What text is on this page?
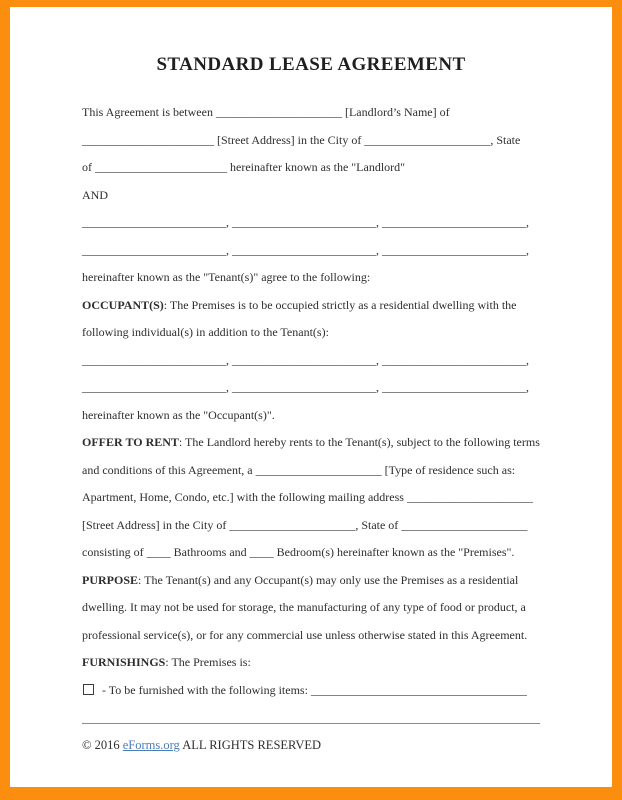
STANDARD LEASE AGREEMENT
This Agreement is between _____________________ [Landlord’s Name] of
______________________ [Street Address] in the City of _____________________, State
of ______________________ hereinafter known as the "Landlord"
AND
________________________, ________________________, ________________________,
________________________, ________________________, ________________________,
hereinafter known as the "Tenant(s)" agree to the following:
OCCUPANT(S): The Premises is to be occupied strictly as a residential dwelling with the
following individual(s) in addition to the Tenant(s):
________________________, ________________________, ________________________,
________________________, ________________________, ________________________,
hereinafter known as the "Occupant(s)".
OFFER TO RENT: The Landlord hereby rents to the Tenant(s), subject to the following terms
and conditions of this Agreement, a _____________________ [Type of residence such as:
Apartment, Home, Condo, etc.] with the following mailing address _____________________
[Street Address] in the City of _____________________, State of _____________________
consisting of ____ Bathrooms and ____ Bedroom(s) hereinafter known as the "Premises".
PURPOSE: The Tenant(s) and any Occupant(s) may only use the Premises as a residential
dwelling. It may not be used for storage, the manufacturing of any type of food or product, a
professional service(s), or for any commercial use unless otherwise stated in this Agreement.
FURNISHINGS: The Premises is:
- To be furnished with the following items: ____________________________________
© 2016 eForms.org ALL RIGHTS RESERVED
